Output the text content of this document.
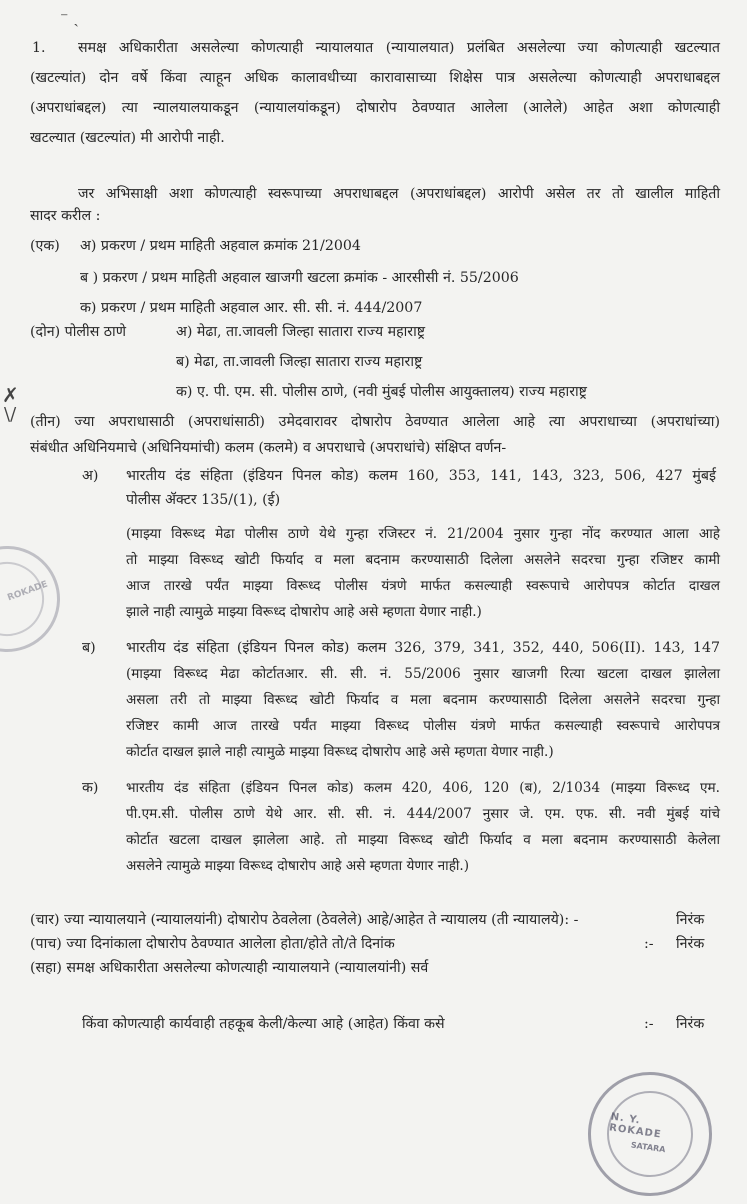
⁻ ˎ
1. समक्ष अधिकारीता असलेल्या कोणत्याही न्यायालयात (न्यायालयात) प्रलंबित असलेल्या ज्या कोणत्याही खटल्यात
(खटल्यांत) दोन वर्षे किंवा त्याहून अधिक कालावधीच्या कारावासाच्या शिक्षेस पात्र असलेल्या कोणत्याही अपराधाबद्दल
(अपराधांबद्दल) त्या न्यालयालयाकडून (न्यायालयांकडून) दोषारोप ठेवण्यात आलेला (आलेले) आहेत अशा कोणत्याही
खटल्यात (खटल्यांत) मी आरोपी नाही.
जर अभिसाक्षी अशा कोणत्याही स्वरूपाच्या अपराधाबद्दल (अपराधांबद्दल) आरोपी असेल तर तो खालील माहिती
सादर करील :
(एक) अ) प्रकरण / प्रथम माहिती अहवाल क्रमांक 21/2004
ब ) प्रकरण / प्रथम माहिती अहवाल खाजगी खटला क्रमांक - आरसीसी नं. 55/2006
क) प्रकरण / प्रथम माहिती अहवाल आर. सी. सी. नं. 444/2007
(दोन) पोलीस ठाणे	अ) मेढा, ता.जावली जिल्हा सातारा राज्य महाराष्ट्र
ब) मेढा, ता.जावली जिल्हा सातारा राज्य महाराष्ट्र
क) ए. पी. एम. सी. पोलीस ठाणे, (नवी मुंबई पोलीस आयुक्तालय) राज्य महाराष्ट्र
✗
\/ (तीन) ज्या अपराधासाठी (अपराधांसाठी) उमेदवारावर दोषारोप ठेवण्यात आलेला आहे त्या अपराधाच्या (अपराधांच्या)
संबंधीत अधिनियमाचे (अधिनियमांची) कलम (कलमे) व अपराधाचे (अपराधांचे) संक्षिप्त वर्णन-
अ) भारतीय दंड संहिता (इंडियन पिनल कोड) कलम 160, 353, 141, 143, 323, 506, 427 मुंबई
पोलीस ॲक्टर 135/(1), (ई)
(माझ्या विरूध्द मेढा पोलीस ठाणे येथे गुन्हा रजिस्टर नं. 21/2004 नुसार गुन्हा नोंद करण्यात आला आहे
तो माझ्या विरूध्द खोटी फिर्याद व मला बदनाम करण्यासाठी दिलेला असलेने सदरचा गुन्हा रजिष्टर कामी
आज तारखे पर्यंत माझ्या विरूध्द पोलीस यंत्रणे मार्फत कसल्याही स्वरूपाचे आरोपपत्र कोर्टात दाखल
झाले नाही त्यामुळे माझ्या विरूध्द दोषारोप आहे असे म्हणता येणार नाही.)
ब) भारतीय दंड संहिता (इंडियन पिनल कोड) कलम 326, 379, 341, 352, 440, 506(II). 143, 147
(माझ्या विरूध्द मेढा कोर्टातआर. सी. सी. नं. 55/2006 नुसार खाजगी रित्या खटला दाखल झालेला
असला तरी तो माझ्या विरूध्द खोटी फिर्याद व मला बदनाम करण्यासाठी दिलेला असलेने सदरचा गुन्हा
रजिष्टर कामी आज तारखे पर्यंत माझ्या विरूध्द पोलीस यंत्रणे मार्फत कसल्याही स्वरूपाचे आरोपपत्र
कोर्टात दाखल झाले नाही त्यामुळे माझ्या विरूध्द दोषारोप आहे असे म्हणता येणार नाही.)
क) भारतीय दंड संहिता (इंडियन पिनल कोड) कलम 420, 406, 120 (ब), 2/1034 (माझ्या विरूध्द एम.
पी.एम.सी. पोलीस ठाणे येथे आर. सी. सी. नं. 444/2007 नुसार जे. एम. एफ. सी. नवी मुंबई यांचे
कोर्टात खटला दाखल झालेला आहे. तो माझ्या विरूध्द खोटी फिर्याद व मला बदनाम करण्यासाठी केलेला
असलेने त्यामुळे माझ्या विरूध्द दोषारोप आहे असे म्हणता येणार नाही.)
(चार) ज्या न्यायालयाने (न्यायालयांनी) दोषारोप ठेवलेला (ठेवलेले) आहे/आहेत ते न्यायालय (ती न्यायालये): -	निरंक
(पाच) ज्या दिनांकाला दोषारोप ठेवण्यात आलेला होता/होते तो/ते दिनांक	:- निरंक
(सहा) समक्ष अधिकारीता असलेल्या कोणत्याही न्यायालयाने (न्यायालयांनी) सर्व
किंवा कोणत्याही कार्यवाही तहकूब केली/केल्या आहे (आहेत) किंवा कसे	:- निरंक
ROKADE
N. Y. ROKADE
SATARA
